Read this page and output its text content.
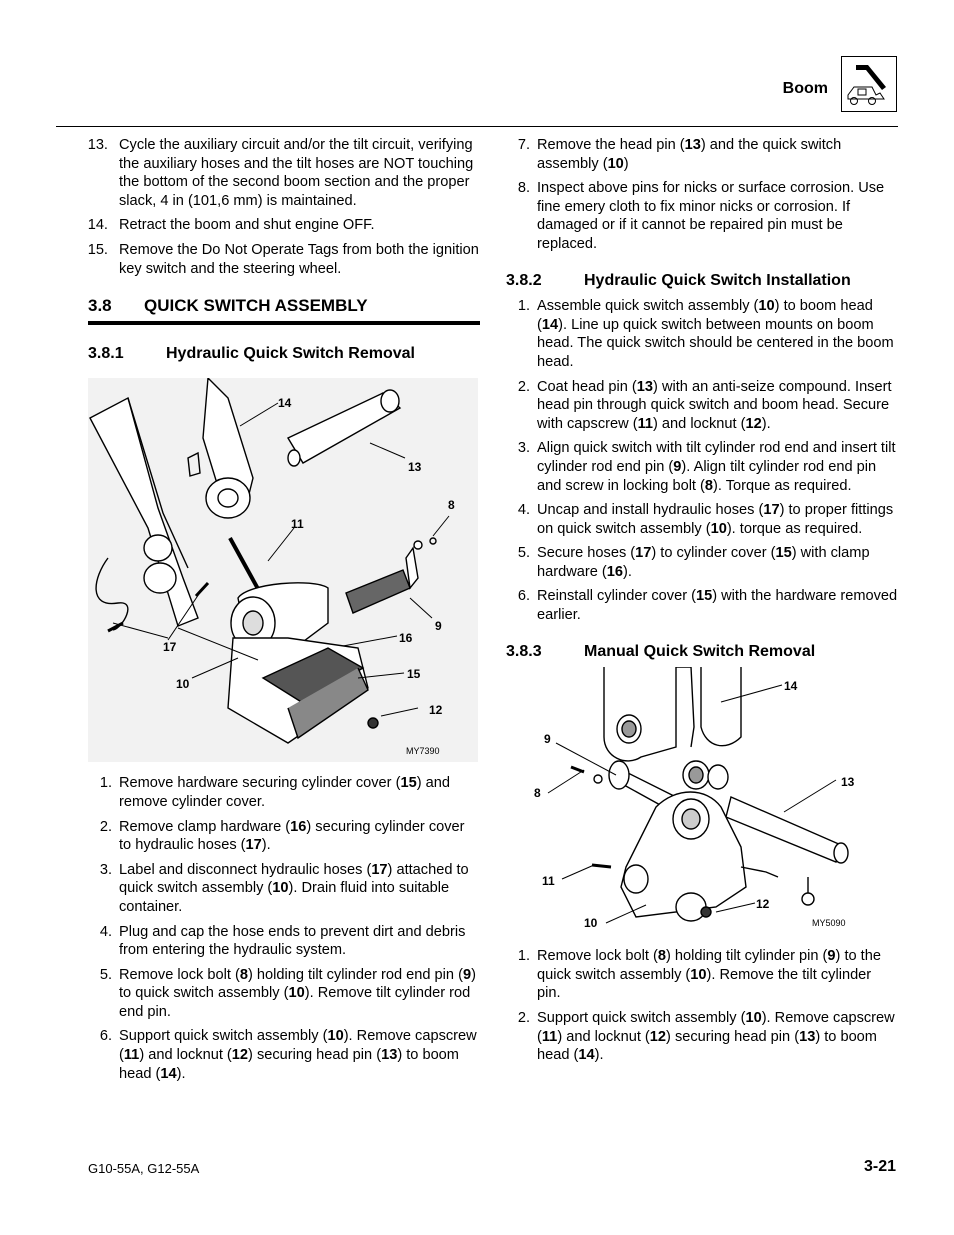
Boom
13. Cycle the auxiliary circuit and/or the tilt circuit, verifying the auxiliary hoses and the tilt hoses are NOT touching the bottom of the second boom section and the proper slack, 4 in (101,6 mm) is maintained.
14. Retract the boom and shut engine OFF.
15. Remove the Do Not Operate Tags from both the ignition key switch and the steering wheel.
3.8	QUICK SWITCH ASSEMBLY
3.8.1	Hydraulic Quick Switch Removal
14
13
8
11
9
16
17
15
10
12
MY7390
1. Remove hardware securing cylinder cover (15) and remove cylinder cover.
2. Remove clamp hardware (16) securing cylinder cover to hydraulic hoses (17).
3. Label and disconnect hydraulic hoses (17) attached to quick switch assembly (10). Drain fluid into suitable container.
4. Plug and cap the hose ends to prevent dirt and debris from entering the hydraulic system.
5. Remove lock bolt (8) holding tilt cylinder rod end pin (9) to quick switch assembly (10). Remove tilt cylinder rod end pin.
6. Support quick switch assembly (10). Remove capscrew (11) and locknut (12) securing head pin (13) to boom head (14).
7. Remove the head pin (13) and the quick switch assembly (10)
8. Inspect above pins for nicks or surface corrosion. Use fine emery cloth to fix minor nicks or corrosion. If damaged or if it cannot be repaired pin must be replaced.
3.8.2	Hydraulic Quick Switch Installation
1. Assemble quick switch assembly (10) to boom head (14). Line up quick switch between mounts on boom head. The quick switch should be centered in the boom head.
2. Coat head pin (13) with an anti-seize compound. Insert head pin through quick switch and boom head. Secure with capscrew (11) and locknut (12).
3. Align quick switch with tilt cylinder rod end and insert tilt cylinder rod end pin (9). Align tilt cylinder rod end pin and screw in locking bolt (8). Torque as required.
4. Uncap and install hydraulic hoses (17) to proper fittings on quick switch assembly (10). torque as required.
5. Secure hoses (17) to cylinder cover (15) with clamp hardware (16).
6. Reinstall cylinder cover (15) with the hardware removed earlier.
3.8.3	Manual Quick Switch Removal
14
9
8
13
11
12
10	MY5090
1. Remove lock bolt (8) holding tilt cylinder pin (9) to the quick switch assembly (10). Remove the tilt cylinder pin.
2. Support quick switch assembly (10). Remove capscrew (11) and locknut (12) securing head pin (13) to boom head (14).
G10-55A, G12-55A	3-21
